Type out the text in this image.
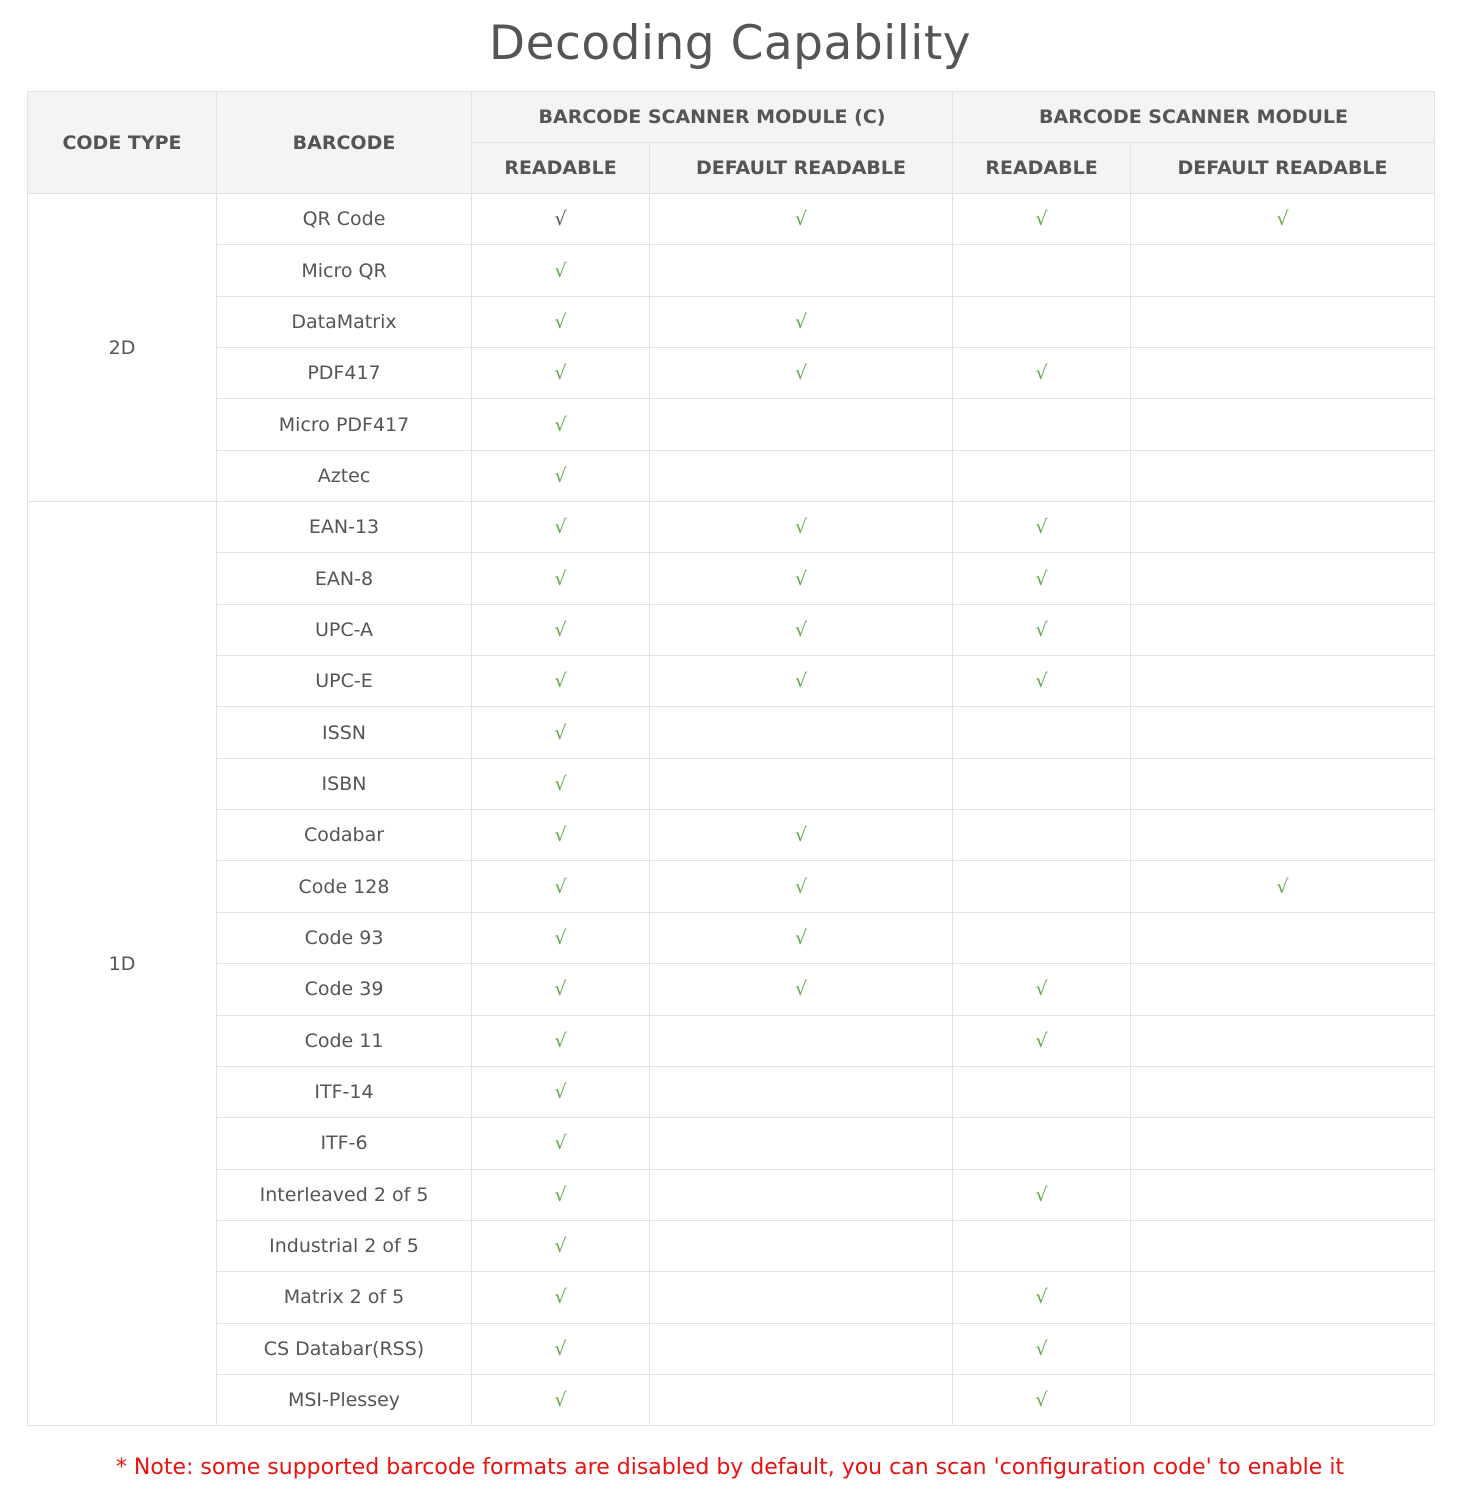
Decoding Capability
CODE TYPE	BARCODE	BARCODE SCANNER MODULE (C)		BARCODE SCANNER MODULE	
		READABLE	DEFAULT READABLE	READABLE	DEFAULT READABLE
2D	QR Code	√	√	√	√
	Micro QR	√			
	DataMatrix	√	√		
	PDF417	√	√	√	
	Micro PDF417	√			
	Aztec	√			
1D	EAN-13	√	√	√	
	EAN-8	√	√	√	
	UPC-A	√	√	√	
	UPC-E	√	√	√	
	ISSN	√			
	ISBN	√			
	Codabar	√	√		
	Code 128	√	√		√
	Code 93	√	√		
	Code 39	√	√	√	
	Code 11	√		√	
	ITF-14	√			
	ITF-6	√			
	Interleaved 2 of 5	√		√	
	Industrial 2 of 5	√			
	Matrix 2 of 5	√		√	
	CS Databar(RSS)	√		√	
	MSI-Plessey	√		√	
* Note: some supported barcode formats are disabled by default, you can scan 'configuration code' to enable it
